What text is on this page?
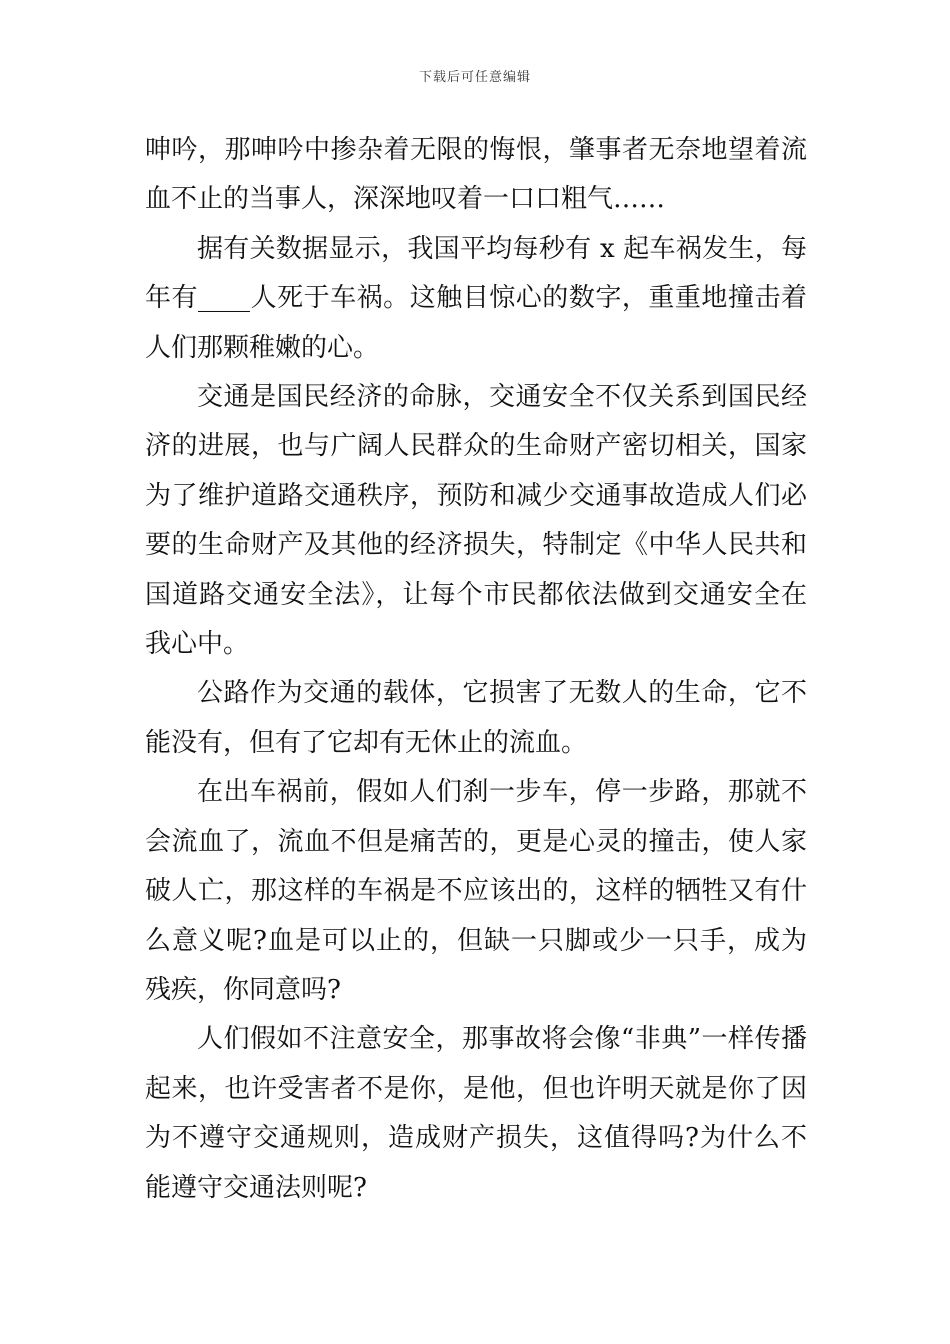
下载后可任意编辑

呻吟，那呻吟中掺杂着无限的悔恨，肇事者无奈地望着流血不止的当事人，深深地叹着一口口粗气……

据有关数据显示，我国平均每秒有 x 起车祸发生，每年有____人死于车祸。这触目惊心的数字，重重地撞击着人们那颗稚嫩的心。

交通是国民经济的命脉，交通安全不仅关系到国民经济的进展，也与广阔人民群众的生命财产密切相关，国家为了维护道路交通秩序，预防和减少交通事故造成人们必要的生命财产及其他的经济损失，特制定《中华人民共和国道路交通安全法》，让每个市民都依法做到交通安全在我心中。

公路作为交通的载体，它损害了无数人的生命，它不能没有，但有了它却有无休止的流血。

在出车祸前，假如人们刹一步车，停一步路，那就不会流血了，流血不但是痛苦的，更是心灵的撞击，使人家破人亡，那这样的车祸是不应该出的，这样的牺牲又有什么意义呢?血是可以止的，但缺一只脚或少一只手，成为残疾，你同意吗?

人们假如不注意安全，那事故将会像“非典”一样传播起来，也许受害者不是你，是他，但也许明天就是你了因为不遵守交通规则，造成财产损失，这值得吗?为什么不能遵守交通法则呢?
